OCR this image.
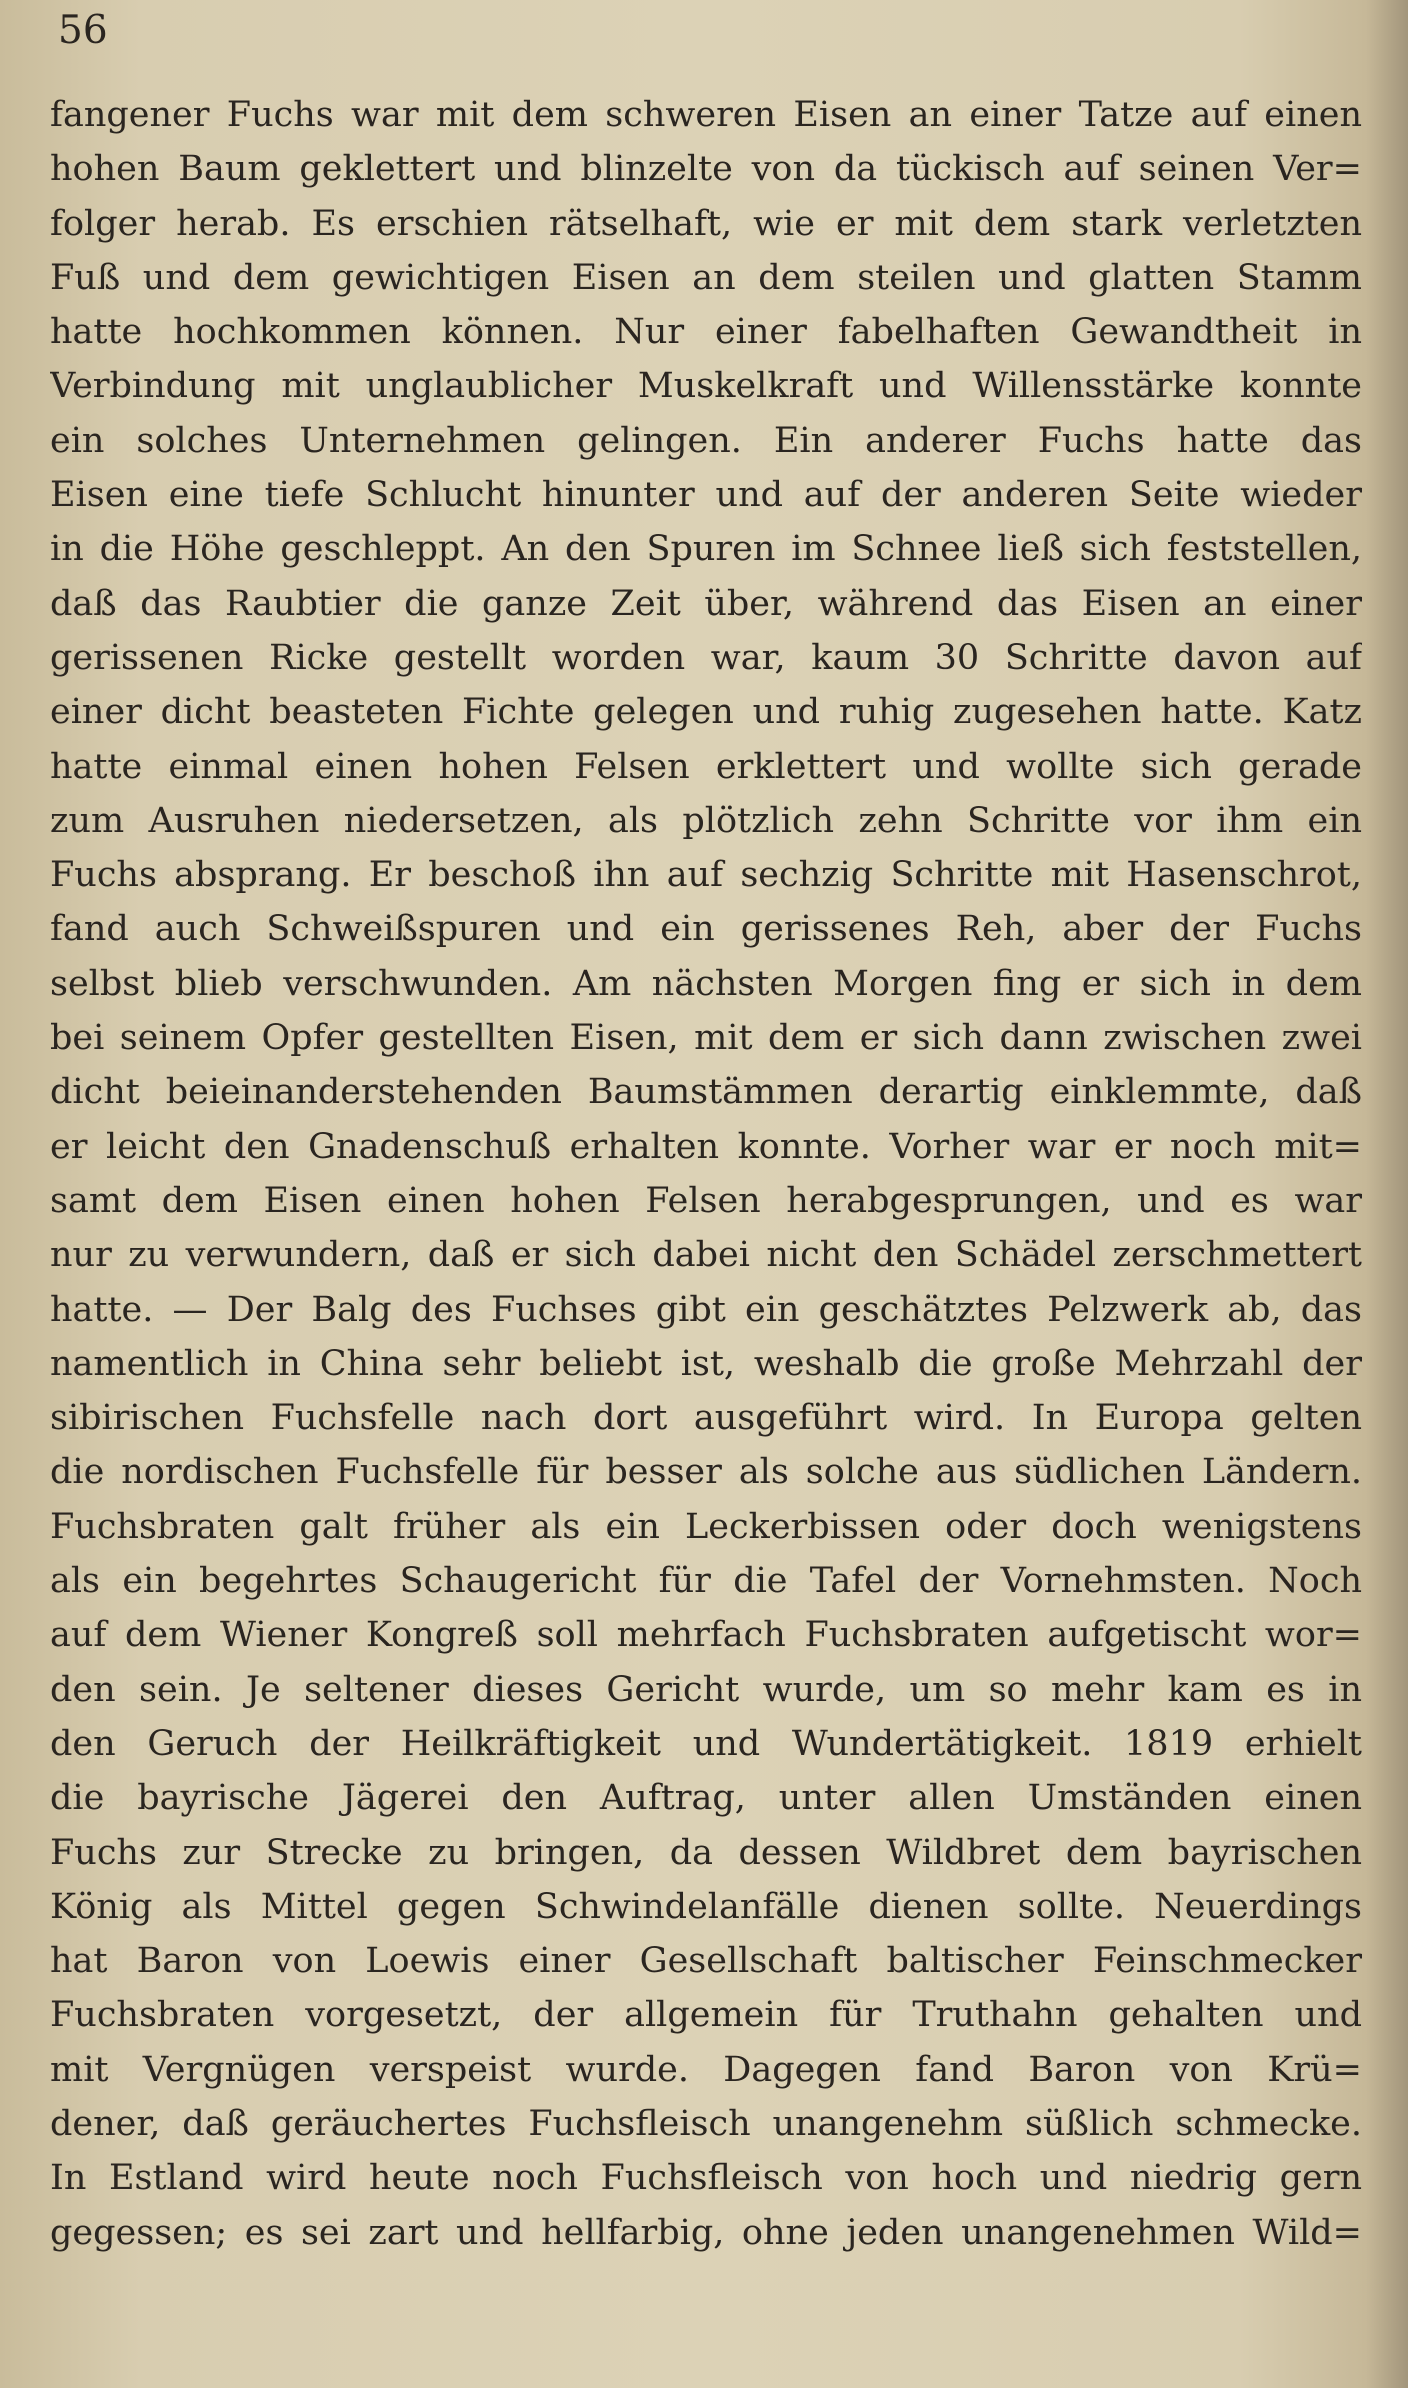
56
fangener Fuchs war mit dem schweren Eisen an einer Tatze auf einen
hohen Baum geklettert und blinzelte von da tückisch auf seinen Ver=
folger herab. Es erschien rätselhaft, wie er mit dem stark verletzten
Fuß und dem gewichtigen Eisen an dem steilen und glatten Stamm
hatte hochkommen können. Nur einer fabelhaften Gewandtheit in
Verbindung mit unglaublicher Muskelkraft und Willensstärke konnte
ein solches Unternehmen gelingen. Ein anderer Fuchs hatte das
Eisen eine tiefe Schlucht hinunter und auf der anderen Seite wieder
in die Höhe geschleppt. An den Spuren im Schnee ließ sich feststellen,
daß das Raubtier die ganze Zeit über, während das Eisen an einer
gerissenen Ricke gestellt worden war, kaum 30 Schritte davon auf
einer dicht beasteten Fichte gelegen und ruhig zugesehen hatte. Katz
hatte einmal einen hohen Felsen erklettert und wollte sich gerade
zum Ausruhen niedersetzen, als plötzlich zehn Schritte vor ihm ein
Fuchs absprang. Er beschoß ihn auf sechzig Schritte mit Hasenschrot,
fand auch Schweißspuren und ein gerissenes Reh, aber der Fuchs
selbst blieb verschwunden. Am nächsten Morgen fing er sich in dem
bei seinem Opfer gestellten Eisen, mit dem er sich dann zwischen zwei
dicht beieinanderstehenden Baumstämmen derartig einklemmte, daß
er leicht den Gnadenschuß erhalten konnte. Vorher war er noch mit=
samt dem Eisen einen hohen Felsen herabgesprungen, und es war
nur zu verwundern, daß er sich dabei nicht den Schädel zerschmettert
hatte. — Der Balg des Fuchses gibt ein geschätztes Pelzwerk ab, das
namentlich in China sehr beliebt ist, weshalb die große Mehrzahl der
sibirischen Fuchsfelle nach dort ausgeführt wird. In Europa gelten
die nordischen Fuchsfelle für besser als solche aus südlichen Ländern.
Fuchsbraten galt früher als ein Leckerbissen oder doch wenigstens
als ein begehrtes Schaugericht für die Tafel der Vornehmsten. Noch
auf dem Wiener Kongreß soll mehrfach Fuchsbraten aufgetischt wor=
den sein. Je seltener dieses Gericht wurde, um so mehr kam es in
den Geruch der Heilkräftigkeit und Wundertätigkeit. 1819 erhielt
die bayrische Jägerei den Auftrag, unter allen Umständen einen
Fuchs zur Strecke zu bringen, da dessen Wildbret dem bayrischen
König als Mittel gegen Schwindelanfälle dienen sollte. Neuerdings
hat Baron von Loewis einer Gesellschaft baltischer Feinschmecker
Fuchsbraten vorgesetzt, der allgemein für Truthahn gehalten und
mit Vergnügen verspeist wurde. Dagegen fand Baron von Krü=
dener, daß geräuchertes Fuchsfleisch unangenehm süßlich schmecke.
In Estland wird heute noch Fuchsfleisch von hoch und niedrig gern
gegessen; es sei zart und hellfarbig, ohne jeden unangenehmen Wild=
